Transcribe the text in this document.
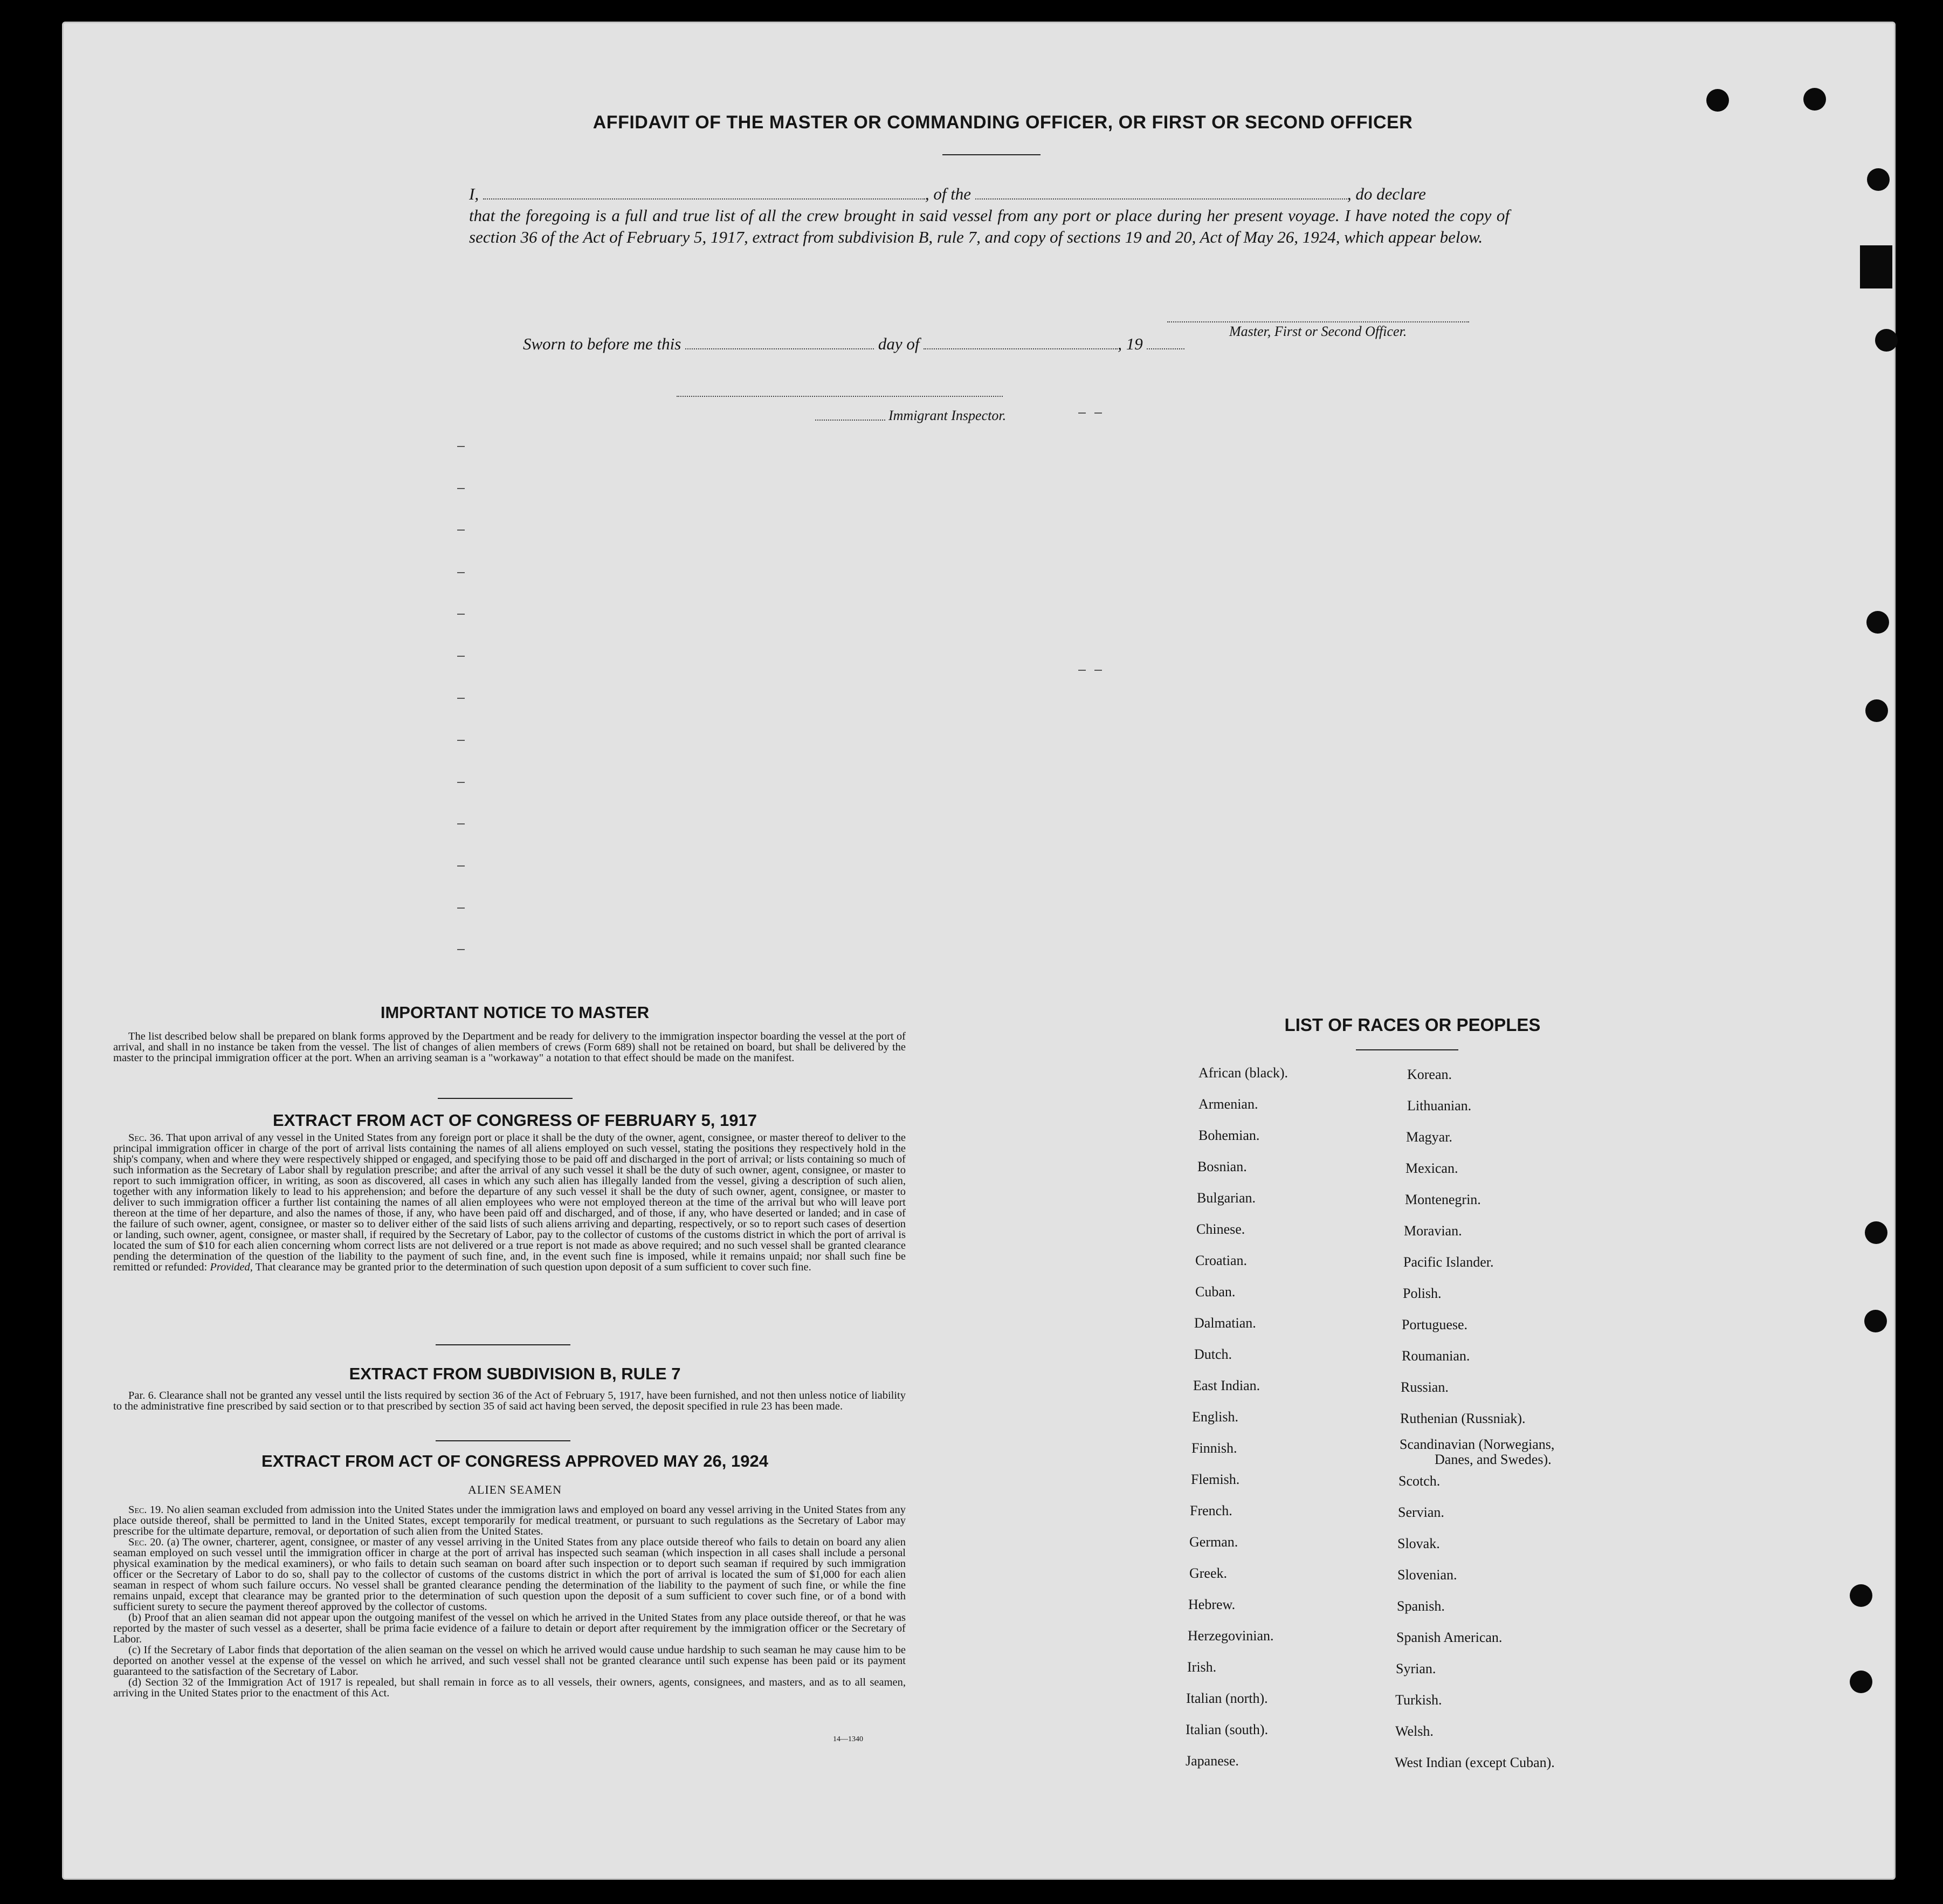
AFFIDAVIT OF THE MASTER OR COMMANDING OFFICER, OR FIRST OR SECOND OFFICER

I,	, of the	, do declare

that the foregoing is a full and true list of all the crew brought in said vessel from any port or place during her present voyage. I have noted the copy of section 36 of the Act of February 5, 1917, extract from subdivision B, rule 7, and copy of sections 19 and 20, Act of May 26, 1924, which appear below.

Master, First or Second Officer.
Sworn to before me this	day of	, 19
Immigrant Inspector.
IMPORTANT NOTICE TO MASTER

The list described below shall be prepared on blank forms approved by the Department and be ready for delivery to the immigration inspector boarding the vessel at the port of arrival, and shall in no instance be taken from the vessel. The list of changes of alien members of crews (Form 689) shall not be retained on board, but shall be delivered by the master to the principal immigration officer at the port. When an arriving seaman is a "workaway" a notation to that effect should be made on the manifest.

EXTRACT FROM ACT OF CONGRESS OF FEBRUARY 5, 1917

Sec. 36. That upon arrival of any vessel in the United States from any foreign port or place it shall be the duty of the owner, agent, consignee, or master thereof to deliver to the principal immigration officer in charge of the port of arrival lists containing the names of all aliens employed on such vessel, stating the positions they respectively hold in the ship's company, when and where they were respectively shipped or engaged, and specifying those to be paid off and discharged in the port of arrival; or lists containing so much of such information as the Secretary of Labor shall by regulation prescribe; and after the arrival of any such vessel it shall be the duty of such owner, agent, consignee, or master to report to such immigration officer, in writing, as soon as discovered, all cases in which any such alien has illegally landed from the vessel, giving a description of such alien, together with any information likely to lead to his apprehension; and before the departure of any such vessel it shall be the duty of such owner, agent, consignee, or master to deliver to such immigration officer a further list containing the names of all alien employees who were not employed thereon at the time of the arrival but who will leave port thereon at the time of her departure, and also the names of those, if any, who have been paid off and discharged, and of those, if any, who have deserted or landed; and in case of the failure of such owner, agent, consignee, or master so to deliver either of the said lists of such aliens arriving and departing, respectively, or so to report such cases of desertion or landing, such owner, agent, consignee, or master shall, if required by the Secretary of Labor, pay to the collector of customs of the customs district in which the port of arrival is located the sum of $10 for each alien concerning whom correct lists are not delivered or a true report is not made as above required; and no such vessel shall be granted clearance pending the determination of the question of the liability to the payment of such fine, and, in the event such fine is imposed, while it remains unpaid; nor shall such fine be remitted or refunded: Provided, That clearance may be granted prior to the determination of such question upon deposit of a sum sufficient to cover such fine.

EXTRACT FROM SUBDIVISION B, RULE 7

Par. 6. Clearance shall not be granted any vessel until the lists required by section 36 of the Act of February 5, 1917, have been furnished, and not then unless notice of liability to the administrative fine prescribed by said section or to that prescribed by section 35 of said act having been served, the deposit specified in rule 23 has been made.

EXTRACT FROM ACT OF CONGRESS APPROVED MAY 26, 1924
ALIEN SEAMEN

Sec. 19. No alien seaman excluded from admission into the United States under the immigration laws and employed on board any vessel arriving in the United States from any place outside thereof, shall be permitted to land in the United States, except temporarily for medical treatment, or pursuant to such regulations as the Secretary of Labor may prescribe for the ultimate departure, removal, or deportation of such alien from the United States.

Sec. 20. (a) The owner, charterer, agent, consignee, or master of any vessel arriving in the United States from any place outside thereof who fails to detain on board any alien seaman employed on such vessel until the immigration officer in charge at the port of arrival has inspected such seaman (which inspection in all cases shall include a personal physical examination by the medical examiners), or who fails to detain such seaman on board after such inspection or to deport such seaman if required by such immigration officer or the Secretary of Labor to do so, shall pay to the collector of customs of the customs district in which the port of arrival is located the sum of $1,000 for each alien seaman in respect of whom such failure occurs. No vessel shall be granted clearance pending the determination of the liability to the payment of such fine, or while the fine remains unpaid, except that clearance may be granted prior to the determination of such question upon the deposit of a sum sufficient to cover such fine, or of a bond with sufficient surety to secure the payment thereof approved by the collector of customs.

(b) Proof that an alien seaman did not appear upon the outgoing manifest of the vessel on which he arrived in the United States from any place outside thereof, or that he was reported by the master of such vessel as a deserter, shall be prima facie evidence of a failure to detain or deport after requirement by the immigration officer or the Secretary of Labor.

(c) If the Secretary of Labor finds that deportation of the alien seaman on the vessel on which he arrived would cause undue hardship to such seaman he may cause him to be deported on another vessel at the expense of the vessel on which he arrived, and such vessel shall not be granted clearance until such expense has been paid or its payment guaranteed to the satisfaction of the Secretary of Labor.

(d) Section 32 of the Immigration Act of 1917 is repealed, but shall remain in force as to all vessels, their owners, agents, consignees, and masters, and as to all seamen, arriving in the United States prior to the enactment of this Act.

14—1340
LIST OF RACES OR PEOPLES
African (black).
Armenian.
Bohemian.
Bosnian.
Bulgarian.
Chinese.
Croatian.
Cuban.
Dalmatian.
Dutch.
East Indian.
English.
Finnish.
Flemish.
French.
German.
Greek.
Hebrew.
Herzegovinian.
Irish.
Italian (north).
Italian (south).
Japanese.
Korean.
Lithuanian.
Magyar.
Mexican.
Montenegrin.
Moravian.
Pacific Islander.
Polish.
Portuguese.
Roumanian.
Russian.
Ruthenian (Russniak).
Scandinavian (Norwegians,
Danes, and Swedes).
Scotch.
Servian.
Slovak.
Slovenian.
Spanish.
Spanish American.
Syrian.
Turkish.
Welsh.
West Indian (except Cuban).
